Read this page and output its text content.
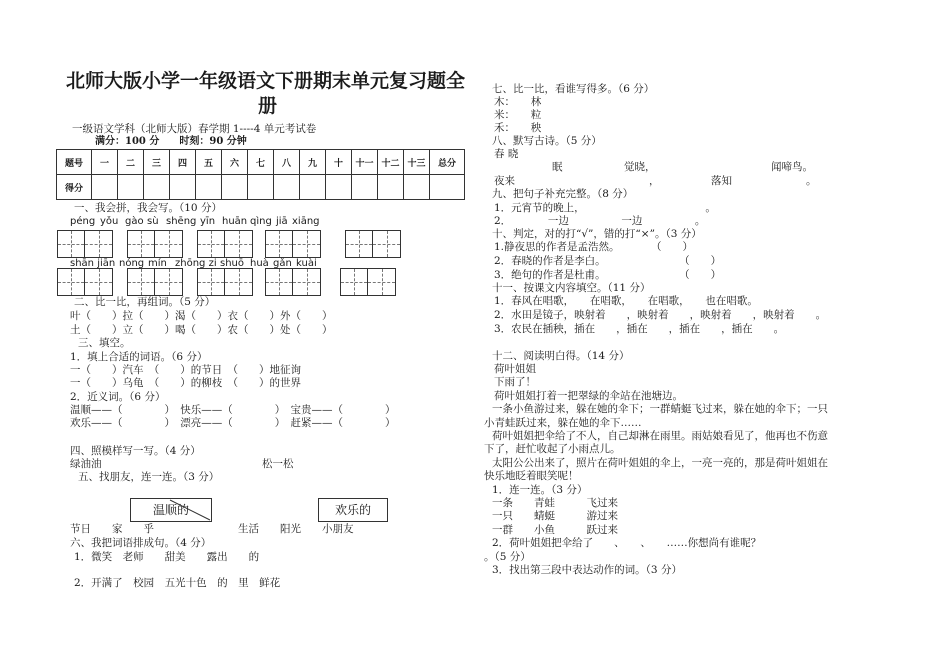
北师大版小学一年级语文下册期末单元复习题全
册
一级语文学科（北师大版）春学期 1----4 单元考试卷
满分：100 分　　时刻：90 分钟
题号	一	二	三	四	五	六	七	八	九	十	十一	十二	十三	总分
得分														
一、我会拼，我会写。（10 分）
péng yǒu gào sù shēng yīn huān qìng jiā xiāng
shān jiān nóng mín zhōng zi shuō huà gǎn kuài
二、比一比，再组词。（5 分）
叶（　　）拉（　　）渴（　　）衣（　　）外（　　）
土（　　）立（　　）喝（　　）农（　　）处（　　）
三、填空。
1．填上合适的词语。（6 分）
一（　　）汽车　（　　）的节日　（　　）地征询
一（　　）乌龟　（　　）的柳枝　（　　）的世界
2．近义词。（6 分）
温顺——（　　　　）　快乐——（　　　　）　宝贵——（　　　　）
欢乐——（　　　　）　漂亮——（　　　　）　赶紧——（　　　　）
四、照模样写一写。（4 分）
绿油油	松一松
五、找朋友，连一连。（3 分）
温顺的	欢乐的
节日　　家　　乎　　　　　　　　生活　　阳光　　小朋友
六、我把词语排成句。（4 分）
1．微笑　老师　　甜美　　露出　　的
2．开满了　校园　五光十色　的　里　鲜花
七、比一比，看谁写得多。（6 分）
木：　　林
米：　　粒
禾：　　秧
八、默写古诗。（5 分）
春 晓
眠	觉晓，	闻啼鸟。
夜来	，	落知	。
九、把句子补充完整。（8 分）
1．元宵节的晚上，　　　　　　　　　　　　。
2．　　　　一边　　　　　一边　　　　　。
十、判定，对的打“√”，错的打“×”。（3 分）
1.静夜思的作者是孟浩然。　　　　（　　）
2．春晓的作者是李白。　　　　　　　　（　　）
3．绝句的作者是杜甫。　　　　　　　　（　　）
十一、按课文内容填空。（11 分）
1．春风在唱歌，　　在唱歌，　　在唱歌，　　也在唱歌。
2．水田是镜子，映射着　　，映射着　　，映射着　　，映射着　　。
3．农民在插秧，插在　　，插在　　，插在　　，插在　　。
十二、阅读明白得。（14 分）
荷叶姐姐
下雨了！
荷叶姐姐打着一把翠绿的伞站在池塘边。
一条小鱼游过来，躲在她的伞下；一群蜻蜓飞过来，躲在她的伞下；一只
小青蛙跃过来，躲在她的伞下……
荷叶姐姐把伞给了不人，自己却淋在雨里。雨姑娘看见了，他再也不伤意
下了，赶忙收起了小雨点儿。
太阳公公出来了，照片在荷叶姐姐的伞上，一亮一亮的，那是荷叶姐姐在
快乐地眨着眼笑呢！
1．连一连。（3 分）
一条　　青蛙　　　飞过来
一只　　蜻蜓　　　游过来
一群　　小鱼　　　跃过来
2．荷叶姐姐把伞给了　　、　　、　　……你想尚有谁呢？
。（5 分）
3．找出第三段中表达动作的词。（3 分）
